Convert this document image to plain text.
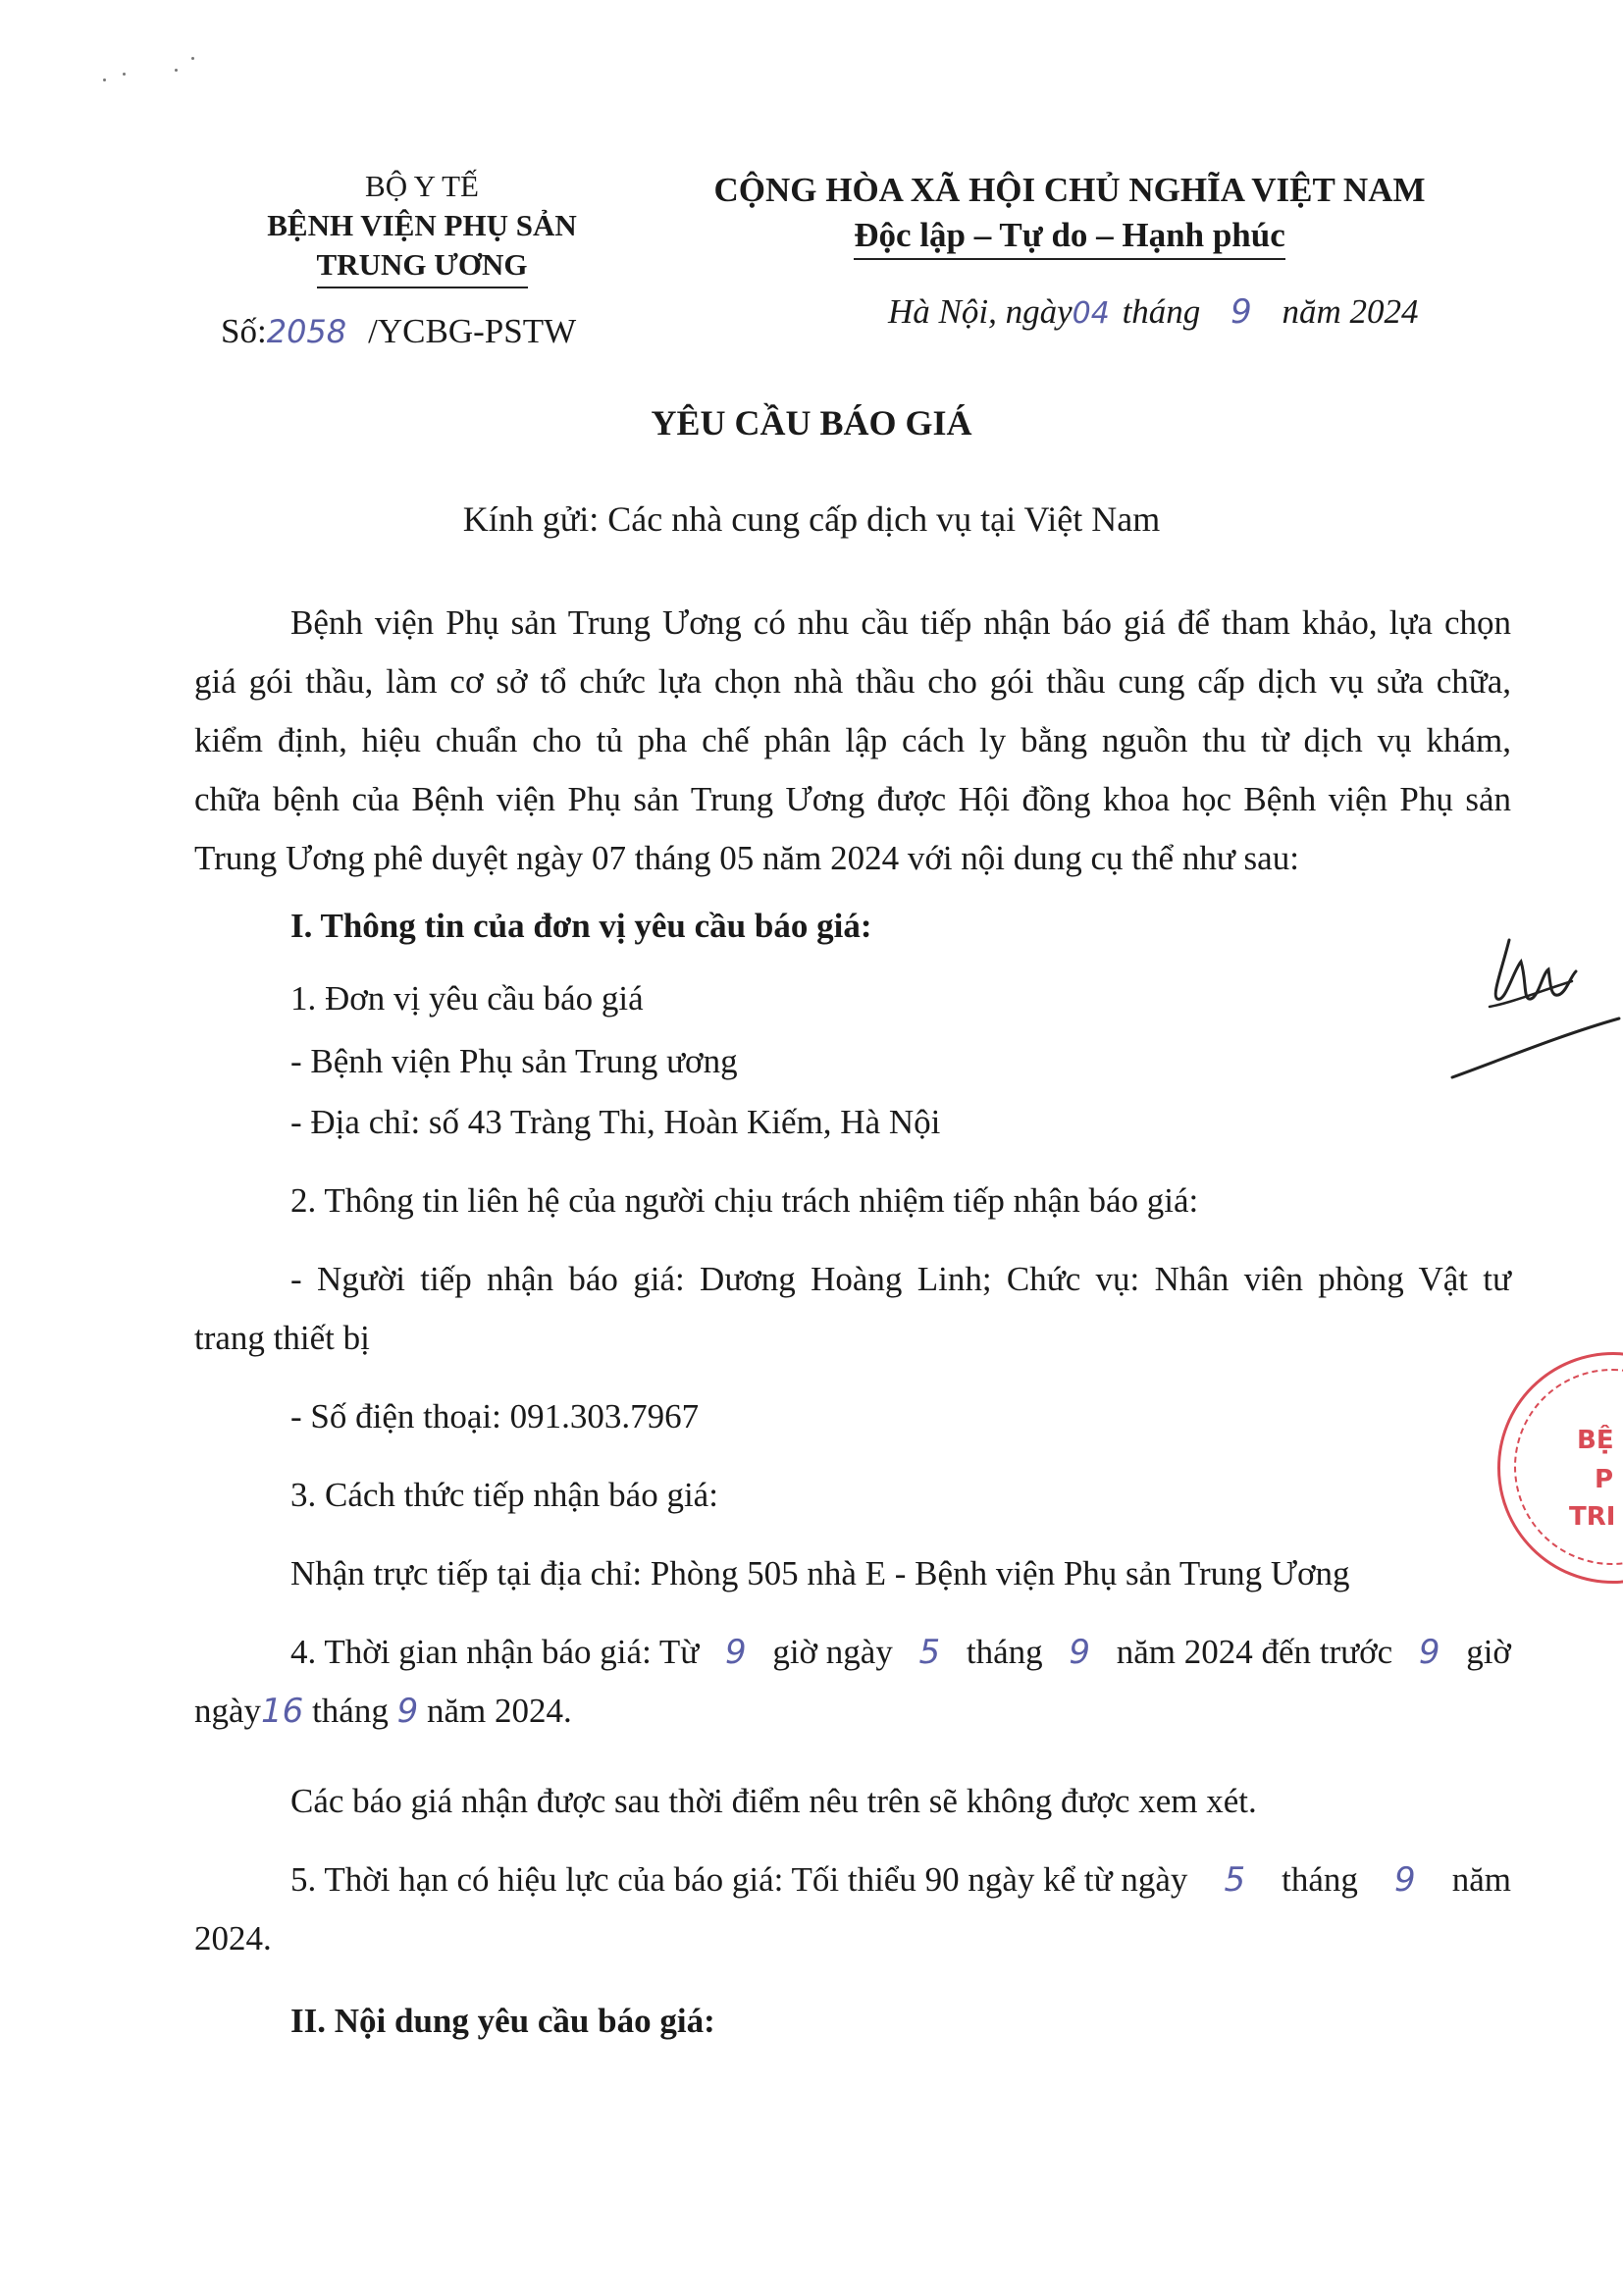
BỘ Y TẾ
BỆNH VIỆN PHỤ SẢN
TRUNG ƯƠNG
Số:2058 /YCBG-PSTW
CỘNG HÒA XÃ HỘI CHỦ NGHĨA VIỆT NAM
Độc lập – Tự do – Hạnh phúc
Hà Nội, ngày04 tháng 9 năm 2024
YÊU CẦU BÁO GIÁ
Kính gửi: Các nhà cung cấp dịch vụ tại Việt Nam
Bệnh viện Phụ sản Trung Ương có nhu cầu tiếp nhận báo giá để tham khảo, lựa chọn
giá gói thầu, làm cơ sở tổ chức lựa chọn nhà thầu cho gói thầu cung cấp dịch vụ sửa chữa,
kiểm định, hiệu chuẩn cho tủ pha chế phân lập cách ly bằng nguồn thu từ dịch vụ khám,
chữa bệnh của Bệnh viện Phụ sản Trung Ương được Hội đồng khoa học Bệnh viện Phụ sản
Trung Ương phê duyệt ngày 07 tháng 05 năm 2024 với nội dung cụ thể như sau:
I. Thông tin của đơn vị yêu cầu báo giá:
1. Đơn vị yêu cầu báo giá
- Bệnh viện Phụ sản Trung ương
- Địa chỉ: số 43 Tràng Thi, Hoàn Kiếm, Hà Nội
2. Thông tin liên hệ của người chịu trách nhiệm tiếp nhận báo giá:
- Người tiếp nhận báo giá: Dương Hoàng Linh; Chức vụ: Nhân viên phòng Vật tư
trang thiết bị
- Số điện thoại: 091.303.7967
3. Cách thức tiếp nhận báo giá:
Nhận trực tiếp tại địa chỉ: Phòng 505 nhà E - Bệnh viện Phụ sản Trung Ương
4. Thời gian nhận báo giá: Từ 9 giờ ngày 5 tháng 9 năm 2024 đến trước 9 giờ
ngày16 tháng 9 năm 2024.
Các báo giá nhận được sau thời điểm nêu trên sẽ không được xem xét.
5. Thời hạn có hiệu lực của báo giá: Tối thiểu 90 ngày kể từ ngày 5 tháng 9 năm
2024.
II. Nội dung yêu cầu báo giá:
BỆ
P
TRI
